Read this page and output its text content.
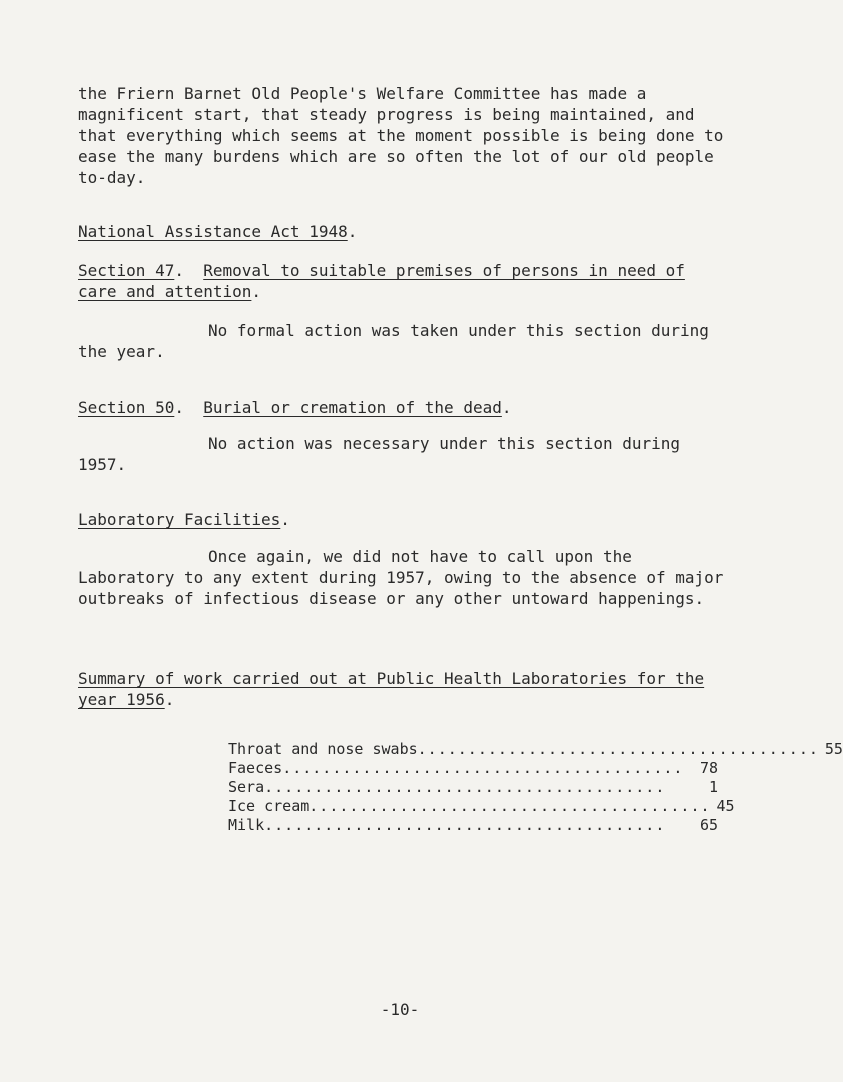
the Friern Barnet Old People's Welfare Committee has made a magnificent start, that steady progress is being maintained, and that everything which seems at the moment possible is being done to ease the many burdens which are so often the lot of our old people to-day.

National Assistance Act 1948.

Section 47.  Removal to suitable premises of persons in need of care and attention.

No formal action was taken under this section during the year.

Section 50.  Burial or cremation of the dead.

No action was necessary under this section during 1957.

Laboratory Facilities.

Once again, we did not have to call upon the Laboratory to any extent during 1957, owing to the absence of major outbreaks of infectious disease or any other untoward happenings.

Summary of work carried out at Public Health Laboratories for the year 1956.

Throat and nose swabs ........................................ 55
Faeces ........................................	78
Sera ........................................	1
Ice cream ........................................ 45
Milk ........................................	65
-10-
